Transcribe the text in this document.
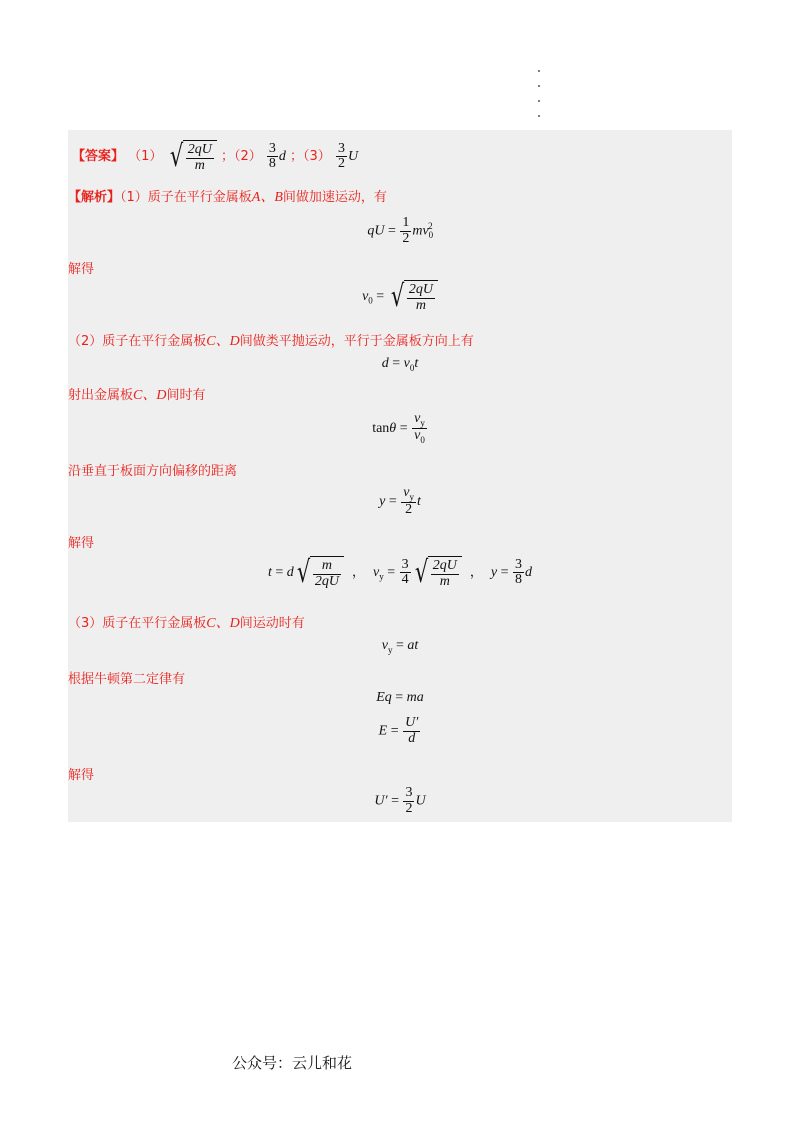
【答案】 （1） √ $\frac{2qU}{m}$ ；$(2) \frac{3}{8}$ d ；$(3) \frac{3}{2}$ U
【解析】（1）质子在平行金属板A、B间做加速运动，有
qU = $\frac{1}{2} mv_0^2$
解得
$v_0$ = √ $\frac{2qU}{m}$
（2）质子在平行金属板C、D间做类平抛运动，平行于金属板方向上有
$d = v_0t$
射出金属板C、D间时有
$\tan\theta = \frac{v_y}{v_0}$
沿垂直于板面方向偏移的距离
$y = \frac{v_y}{2}$ t
解得
t = d √ $\frac{m}{2qU}$ ， $v_y = \frac{3}{4}$ √ $\frac{2qU}{m}$ ， $y = \frac{3}{8}$ d
（3）质子在平行金属板C、D间运动时有
$v_y$ = at
根据牛顿第二定律有
Eq = ma
$E = \frac{U'}{d}$
解得
$U' = \frac{3}{2}$ U
公众号：云儿和花
